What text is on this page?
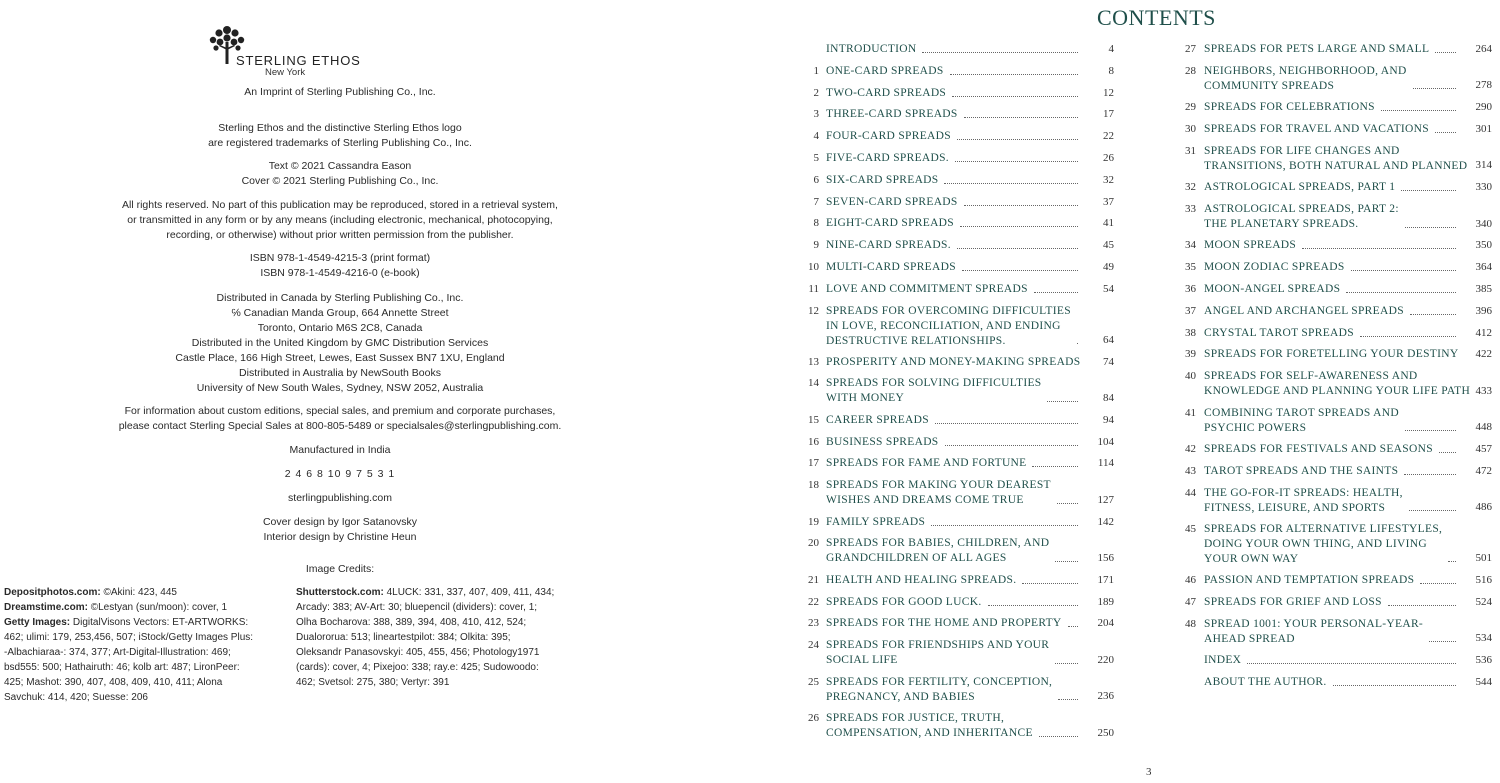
STERLING ETHOS
New York
An Imprint of Sterling Publishing Co., Inc.
Sterling Ethos and the distinctive Sterling Ethos logo
are registered trademarks of Sterling Publishing Co., Inc.
Text © 2021 Cassandra Eason
Cover © 2021 Sterling Publishing Co., Inc.
All rights reserved. No part of this publication may be reproduced, stored in a retrieval system,
or transmitted in any form or by any means (including electronic, mechanical, photocopying,
recording, or otherwise) without prior written permission from the publisher.
ISBN 978-1-4549-4215-3 (print format)
ISBN 978-1-4549-4216-0 (e-book)
Distributed in Canada by Sterling Publishing Co., Inc.
℅ Canadian Manda Group, 664 Annette Street
Toronto, Ontario M6S 2C8, Canada
Distributed in the United Kingdom by GMC Distribution Services
Castle Place, 166 High Street, Lewes, East Sussex BN7 1XU, England
Distributed in Australia by NewSouth Books
University of New South Wales, Sydney, NSW 2052, Australia
For information about custom editions, special sales, and premium and corporate purchases,
please contact Sterling Special Sales at 800-805-5489 or specialsales@sterlingpublishing.com.
Manufactured in India
2 4 6 8 10 9 7 5 3 1
sterlingpublishing.com
Cover design by Igor Satanovsky
Interior design by Christine Heun
Image Credits:
Depositphotos.com: ©Akini: 423, 445
Dreamstime.com: ©Lestyan (sun/moon): cover, 1
Getty Images: DigitalVisons Vectors: ET-ARTWORKS:
462; ulimi: 179, 253,456, 507; iStock/Getty Images Plus:
-Albachiaraa-: 374, 377; Art-Digital-Illustration: 469;
bsd555: 500; Hathairuth: 46; kolb art: 487; LironPeer:
425; Mashot: 390, 407, 408, 409, 410, 411; Alona
Savchuk: 414, 420; Suesse: 206
Shutterstock.com: 4LUCK: 331, 337, 407, 409, 411, 434;
Arcady: 383; AV-Art: 30; bluepencil (dividers): cover, 1;
Olha Bocharova: 388, 389, 394, 408, 410, 412, 524;
Dualororua: 513; lineartestpilot: 384; Olkita: 395;
Oleksandr Panasovskyi: 405, 455, 456; Photology1971
(cards): cover, 4; Pixejoo: 338; ray.e: 425; Sudowoodo:
462; Svetsol: 275, 380; Vertyr: 391
CONTENTS
INTRODUCTION	4
1 ONE-CARD SPREADS	8
2 TWO-CARD SPREADS	12
3 THREE-CARD SPREADS	17
4 FOUR-CARD SPREADS	22
5 FIVE-CARD SPREADS.	26
6 SIX-CARD SPREADS	32
7 SEVEN-CARD SPREADS	37
8 EIGHT-CARD SPREADS	41
9 NINE-CARD SPREADS.	45
10 MULTI-CARD SPREADS	49
11 LOVE AND COMMITMENT SPREADS	54
12 SPREADS FOR OVERCOMING DIFFICULTIES
IN LOVE, RECONCILIATION, AND ENDING
DESTRUCTIVE RELATIONSHIPS.	64
13 PROSPERITY AND MONEY-MAKING SPREADS	74
14 SPREADS FOR SOLVING DIFFICULTIES
WITH MONEY	84
15 CAREER SPREADS	94
16 BUSINESS SPREADS	104
17 SPREADS FOR FAME AND FORTUNE	114
18 SPREADS FOR MAKING YOUR DEAREST
WISHES AND DREAMS COME TRUE	127
19 FAMILY SPREADS	142
20 SPREADS FOR BABIES, CHILDREN, AND
GRANDCHILDREN OF ALL AGES	156
21 HEALTH AND HEALING SPREADS.	171
22 SPREADS FOR GOOD LUCK.	189
23 SPREADS FOR THE HOME AND PROPERTY	204
24 SPREADS FOR FRIENDSHIPS AND YOUR
SOCIAL LIFE	220
25 SPREADS FOR FERTILITY, CONCEPTION,
PREGNANCY, AND BABIES	236
26 SPREADS FOR JUSTICE, TRUTH,
COMPENSATION, AND INHERITANCE	250
27 SPREADS FOR PETS LARGE AND SMALL	264
28 NEIGHBORS, NEIGHBORHOOD, AND
COMMUNITY SPREADS	278
29 SPREADS FOR CELEBRATIONS	290
30 SPREADS FOR TRAVEL AND VACATIONS	301
31 SPREADS FOR LIFE CHANGES AND
TRANSITIONS, BOTH NATURAL AND PLANNED 314
32 ASTROLOGICAL SPREADS, PART 1	330
33 ASTROLOGICAL SPREADS, PART 2:
THE PLANETARY SPREADS.	340
34 MOON SPREADS	350
35 MOON ZODIAC SPREADS	364
36 MOON-ANGEL SPREADS	385
37 ANGEL AND ARCHANGEL SPREADS	396
38 CRYSTAL TAROT SPREADS	412
39 SPREADS FOR FORETELLING YOUR DESTINY	422
40 SPREADS FOR SELF-AWARENESS AND
KNOWLEDGE AND PLANNING YOUR LIFE PATH 433
41 COMBINING TAROT SPREADS AND
PSYCHIC POWERS	448
42 SPREADS FOR FESTIVALS AND SEASONS	457
43 TAROT SPREADS AND THE SAINTS	472
44 THE GO-FOR-IT SPREADS: HEALTH,
FITNESS, LEISURE, AND SPORTS	486
45 SPREADS FOR ALTERNATIVE LIFESTYLES,
DOING YOUR OWN THING, AND LIVING
YOUR OWN WAY	501
46 PASSION AND TEMPTATION SPREADS	516
47 SPREADS FOR GRIEF AND LOSS	524
48 SPREAD 1001: YOUR PERSONAL-YEAR-
AHEAD SPREAD	534
INDEX	536
ABOUT THE AUTHOR.	544
3
